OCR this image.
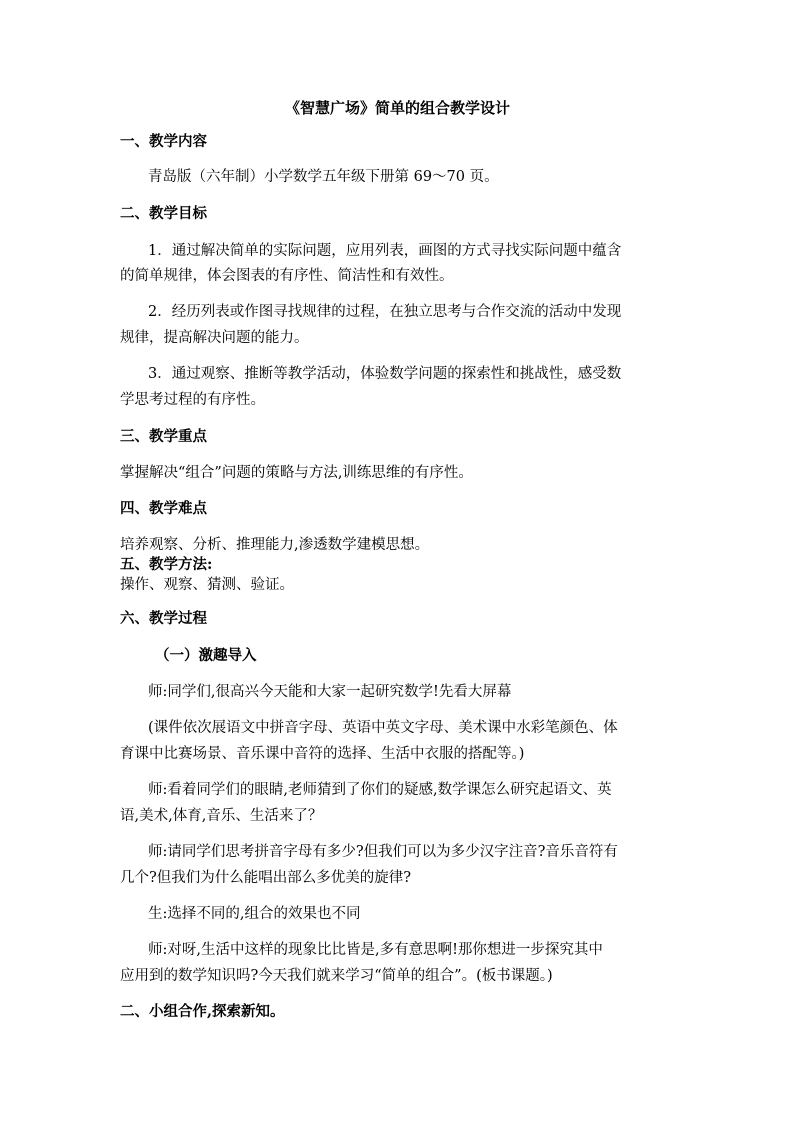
《智慧广场》简单的组合教学设计
一、教学内容
青岛版（六年制）小学数学五年级下册第 69～70 页。
二、教学目标
1．通过解决简单的实际问题，应用列表，画图的方式寻找实际问题中蕴含
的简单规律，体会图表的有序性、简洁性和有效性。
2．经历列表或作图寻找规律的过程，在独立思考与合作交流的活动中发现
规律，提高解决问题的能力。
3．通过观察、推断等教学活动，体验数学问题的探索性和挑战性，感受数
学思考过程的有序性。
三、教学重点
掌握解决“组合”问题的策略与方法,训练思维的有序性。
四、教学难点
培养观察、分析、推理能力,渗透数学建模思想。
五、教学方法:
操作、观察、猜测、验证。
六、教学过程
（一）激趣导入
师:同学们,很高兴今天能和大家一起研究数学!先看大屏幕
(课件依次展语文中拼音字母、英语中英文字母、美术课中水彩笔颜色、体
育课中比赛场景、音乐课中音符的选择、生活中衣服的搭配等。)
师:看着同学们的眼睛,老师猜到了你们的疑感,数学课怎么研究起语文、英
语,美术,体育,音乐、生活来了？
师:请同学们思考拼音字母有多少?但我们可以为多少汉字注音?音乐音符有
几个?但我们为什么能唱出部么多优美的旋律?
生:选择不同的,组合的效果也不同
师:对呀,生活中这样的现象比比皆是,多有意思啊!那你想进一步探究其中
应用到的数学知识吗?今天我们就来学习“简单的组合”。(板书课题。)
二、小组合作,探索新知。
